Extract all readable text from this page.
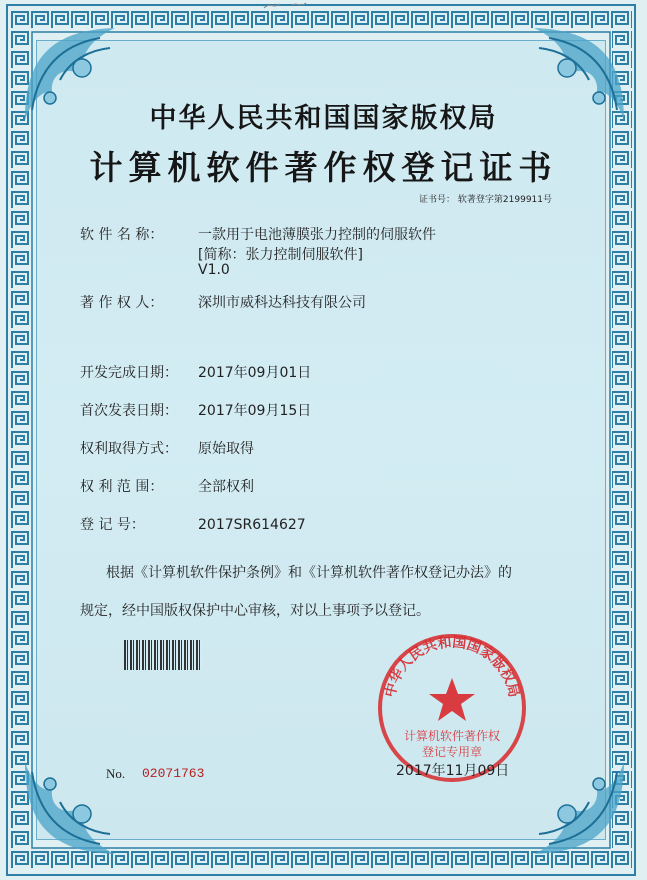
中华人民共和国国家版权局
计算机软件著作权登记证书
证书号： 软著登字第2199911号
软 件 名 称： 一款用于电池薄膜张力控制的伺服软件
[简称：张力控制伺服软件]
V1.0
著 作 权 人： 深圳市威科达科技有限公司
开发完成日期： 2017年09月01日
首次发表日期： 2017年09月15日
权利取得方式： 原始取得
权 利 范 围： 全部权利
登 记 号：	2017SR614627
根据《计算机软件保护条例》和《计算机软件著作权登记办法》的
规定，经中国版权保护中心审核，对以上事项予以登记。
No. 02071763
中华人民共和国国家版权局
计算机软件著作权
登记专用章
2017年11月09日
